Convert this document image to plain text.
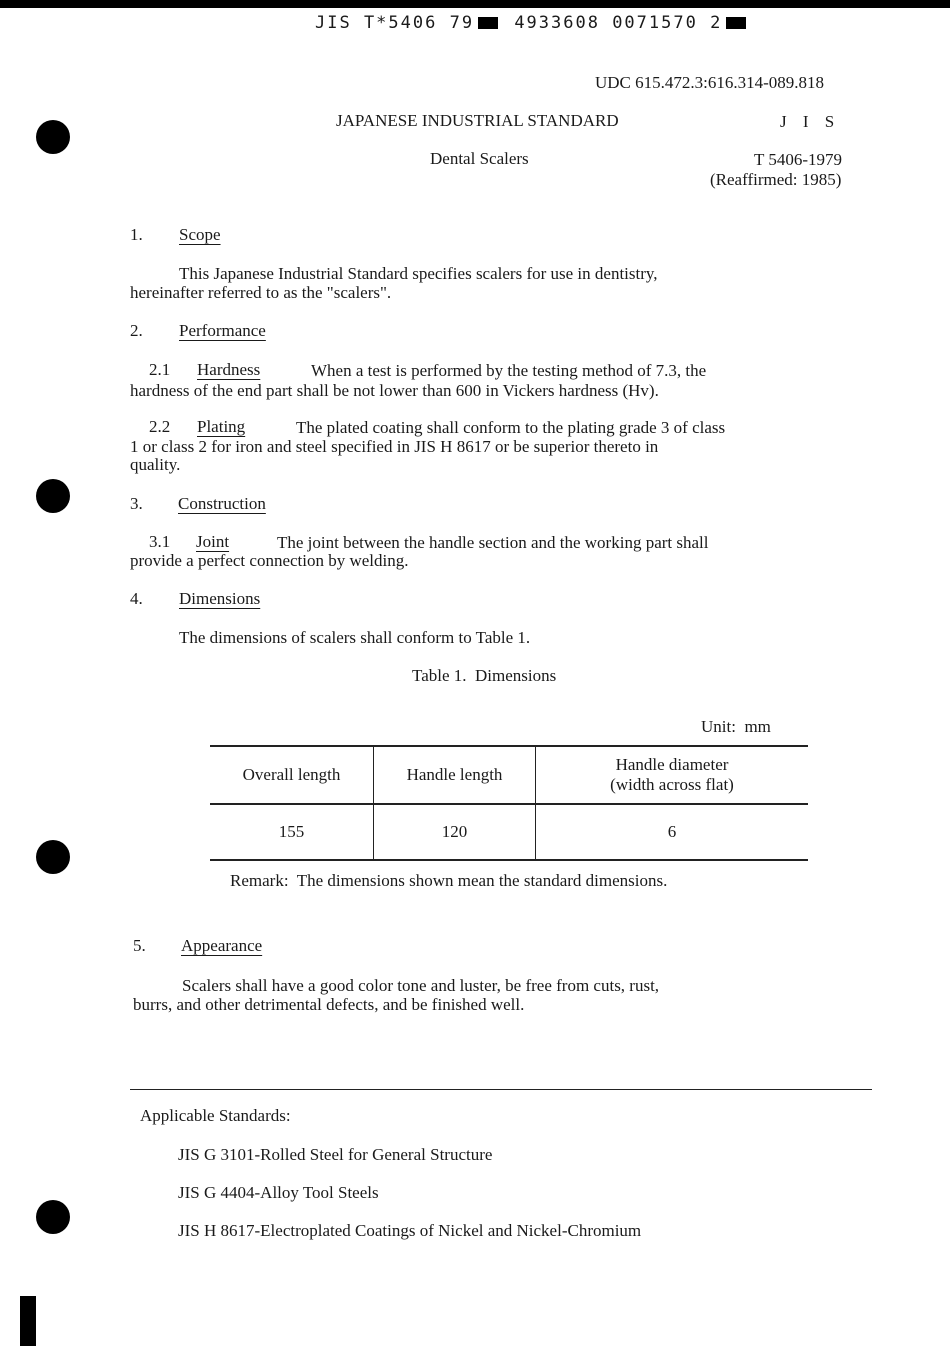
JIS T*5406 79 4933608 0071570 2
UDC 615.472.3:616.314-089.818
JAPANESE INDUSTRIAL STANDARD	J I S
Dental Scalers	T 5406-1979
(Reaffirmed: 1985)
1.	Scope
This Japanese Industrial Standard specifies scalers for use in dentistry,
hereinafter referred to as the "scalers".
2.	Performance
2.1 Hardness	When a test is performed by the testing method of 7.3, the
hardness of the end part shall be not lower than 600 in Vickers hardness (Hv).
2.2 Plating	The plated coating shall conform to the plating grade 3 of class
1 or class 2 for iron and steel specified in JIS H 8617 or be superior thereto in
quality.
3.	Construction
3.1 Joint	The joint between the handle section and the working part shall
provide a perfect connection by welding.
4.	Dimensions
The dimensions of scalers shall conform to Table 1.
Table 1.  Dimensions
Unit:  mm
Overall length	Handle length	Handle diameter
(width across flat)

155	120	6
Remark:  The dimensions shown mean the standard dimensions.
5.	Appearance
Scalers shall have a good color tone and luster, be free from cuts, rust,
burrs, and other detrimental defects, and be finished well.
Applicable Standards:
JIS G 3101-Rolled Steel for General Structure
JIS G 4404-Alloy Tool Steels
JIS H 8617-Electroplated Coatings of Nickel and Nickel-Chromium
